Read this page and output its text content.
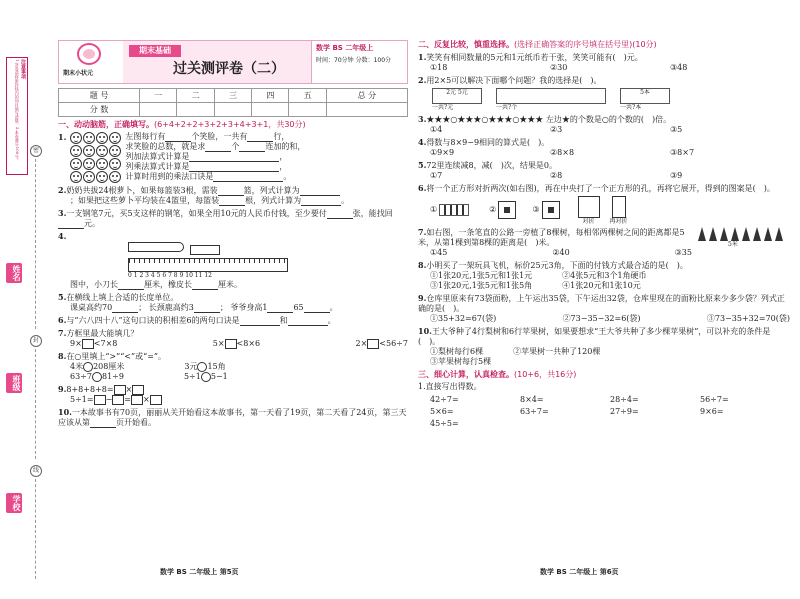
注意事项
1.答卷前将密封线内的项目填写清楚。2.本卷满分100分。	密
姓名
封
班级
线
学校
期末小状元
期末基础
过关测评卷（二）
数学 BS 二年级上
时间：70分钟 分数：100分
题 号	一	二	三	四	五	总 分
分 数						
一、动动脑筋，正确填写。(6+4+2+2+3+2+3+4+3+1，共30分)
1.	左图每行有	个笑脸，一共有	行，
求笑脸的总数，就是求	个	连加的和，
列加法算式计算是	，
列乘法算式计算是	，
计算时用到的乘法口诀是	。
2.奶奶共拔24根萝卜，如果每篮装3根，需装	篮，列式计算为
；如果把这些萝卜平均装在4篮里，每篮装	根，列式计算为	。
3.一支钢笔7元，买5支这样的钢笔，如果全用10元的人民币付钱，至少要付	张，能找回元。
4.
0 1 2 3 4 5 6 7 8 9 10 11 12
图中，小刀长	厘米，橡皮长	厘米。
5.在横线上填上合适的长度单位。
课桌高约70	； 长颈鹿高约3	； 爷爷身高1	65	。
6.与“六八四十八”这句口诀的积相差6的两句口诀是	和	。
7.方框里最大能填几？
9× <7×8	5× <8×6	2× <56÷7
8.在○里填上“>”“<”或“=”。
4米 208厘米	3元 15角
63÷7 81÷9	5÷1 5−1
9.8+8+8+8= ×
5÷1= − = ×
10.一本故事书有70页，丽丽从关开始看这本故事书，第一天看了19页，第二天看了24页，第三天应该从第	页开始看。
二、反复比较，慎重选择。(选择正确答案的序号填在括号里)(10分)
1.笑笑有相同数量的5元和1元纸币若干张，笑笑可能有(　 )元。
①18	②30	③48
2.用2×5可以解决下面哪个问题？我的选择是(　 )。
2元 5元
一共?元	一共?个
5本
一共?本
3.★★★○★★★○★★★○★★★ 左边★的个数是○的个数的(　 )倍。
①4	②3	③5
4.得数与8×9−9相同的算式是(　 )。
①9×9	②8×8	③8×7
5.72里连续减8，减(　 )次，结果是0。
①7	②8	③9
6.将一个正方形对折两次(如右图)，再在中央打了一个正方形的孔，再将它展开，得到的图案是(　 )。
①	②	③

对折	再对折
7.如右图，一条笔直的公路一旁植了8棵树，每相邻两棵树之间的距离都是5米，从第1棵到第8棵的距离是(　 )米。
①45	②40	③35
5米
8.小明买了一架玩具飞机，标价25元3角，下面的付钱方式最合适的是(　 )。
①1张20元,1张5元和1张1元	②4张5元和3个1角硬币
③1张20元,1张5元和1张5角	④1张20元和1张10元
9.仓库里原来有73袋面粉，上午运出35袋，下午运出32袋，仓库里现在的面粉比原来少多少袋？列式正确的是(　 )。
①35+32=67(袋)	②73−35−32=6(袋)	③73−35+32=70(袋)
10.王大爷种了4行梨树和6行苹果树，如果要想求“王大爷共种了多少棵苹果树”，可以补充的条件是(　 )。
①梨树每行6棵	②苹果树一共种了120棵
③苹果树每行5棵
三、细心计算，认真检查。(10+6，共16分)
1.直接写出得数。
42÷7=	8×4=	28÷4=	56÷7=
5×6=	63÷7=	27÷9=	9×6=
45÷5=
数学 BS 二年级上 第5页	数学 BS 二年级上 第6页
